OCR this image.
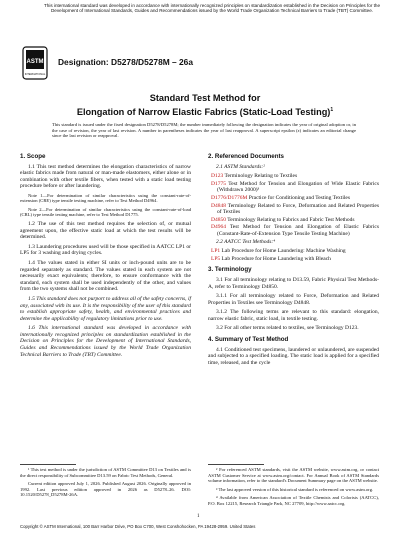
This international standard was developed in accordance with internationally recognized principles on standardization established in the Decision on Principles for the Development of International Standards, Guides and Recommendations issued by the World Trade Organization Technical Barriers to Trade (TBT) Committee.
ASTM
INTERNATIONAL
Designation: D5278/D5278M – 26a
Standard Test Method for
Elongation of Narrow Elastic Fabrics (Static-Load Testing)$^1$
This standard is issued under the fixed designation D5278/D5278M; the number immediately following the designation indicates the year of original adoption or, in the case of revision, the year of last revision. A number in parentheses indicates the year of last reapproval. A superscript epsilon (ε) indicates an editorial change since the last revision or reapproval.
1. Scope

1.1 This test method determines the elongation characteristics of narrow elastic fabrics made from natural or man-made elastomers, either alone or in combination with other textile fibers, when tested with a static load testing procedure before or after laundering.

Note 1—For determination of similar characteristics using the constant-rate-of-extension (CRE) type tensile testing machine, refer to Test Method D4964.

Note 2—For determination of similar characteristics using the constant-rate-of-load (CRL) type tensile testing machine, refer to Test Method D1775.

1.2 The use of this test method requires the selection of, or mutual agreement upon, the effective static load at which the test results will be determined.

1.3 Laundering procedures used will be those specified in AATCC LP1 or LP5 for 3 washing and drying cycles.

1.4 The values stated in either SI units or inch-pound units are to be regarded separately as standard. The values stated in each system are not necessarily exact equivalents; therefore, to ensure conformance with the standard, each system shall be used independently of the other, and values from the two systems shall not be combined.

1.5 This standard does not purport to address all of the safety concerns, if any, associated with its use. It is the responsibility of the user of this standard to establish appropriate safety, health, and environmental practices and determine the applicability of regulatory limitations prior to use.

1.6 This international standard was developed in accordance with internationally recognized principles on standardization established in the Decision on Principles for the Development of International Standards, Guides and Recommendations issued by the World Trade Organization Technical Barriers to Trade (TBT) Committee.

¹ This test method is under the jurisdiction of ASTM Committee D13 on Textiles and is the direct responsibility of Subcommittee D13.59 on Fabric Test Methods, General.

Current edition approved July 1, 2026. Published August 2026. Originally approved in 1992. Last previous edition approved in 2026 as D5278–26. DOI: 10.1520/D5278_D5278M-26A.

2. Referenced Documents

2.1 ASTM Standards:²

D123 Terminology Relating to Textiles

D1775 Test Method for Tension and Elongation of Wide Elastic Fabrics (Withdrawn 2000)³

D1776/D1776M Practice for Conditioning and Testing Textiles

D4848 Terminology Related to Force, Deformation and Related Properties of Textiles

D4850 Terminology Relating to Fabrics and Fabric Test Methods

D4964 Test Method for Tension and Elongation of Elastic Fabrics (Constant-Rate-of-Extension Type Tensile Testing Machine)

2.2 AATCC Test Methods:⁴

LP1 Lab Procedure for Home Laundering: Machine Washing

LP5 Lab Procedure for Home Laundering with Bleach

3. Terminology

3.1 For all terminology relating to D13.59, Fabric Physical Test Methods-A, refer to Terminology D4850.

3.1.1 For all terminology related to Force, Deformation and Related Properties in Textiles see Terminology D4848.

3.1.2 The following terms are relevant to this standard: elongation, narrow elastic fabric, static load, in textile testing.

3.2 For all other terms related to textiles, see Terminology D123.

4. Summary of Test Method

4.1 Conditioned test specimens, laundered or unlaundered, are suspended and subjected to a specified loading. The static load is applied for a specified time, released, and the cycle

² For referenced ASTM standards, visit the ASTM website, www.astm.org, or contact ASTM Customer Service at www.astm.org/contact. For Annual Book of ASTM Standards volume information, refer to the standard's Document Summary page on the ASTM website.

³ The last approved version of this historical standard is referenced on www.astm.org.

⁴ Available from American Association of Textile Chemists and Colorists (AATCC), P.O. Box 12215, Research Triangle Park, NC 27709, http://www.aatcc.org.

1
Copyright © ASTM International, 100 Barr Harbor Drive, PO Box C700, West Conshohocken, PA 19428-2959. United States
